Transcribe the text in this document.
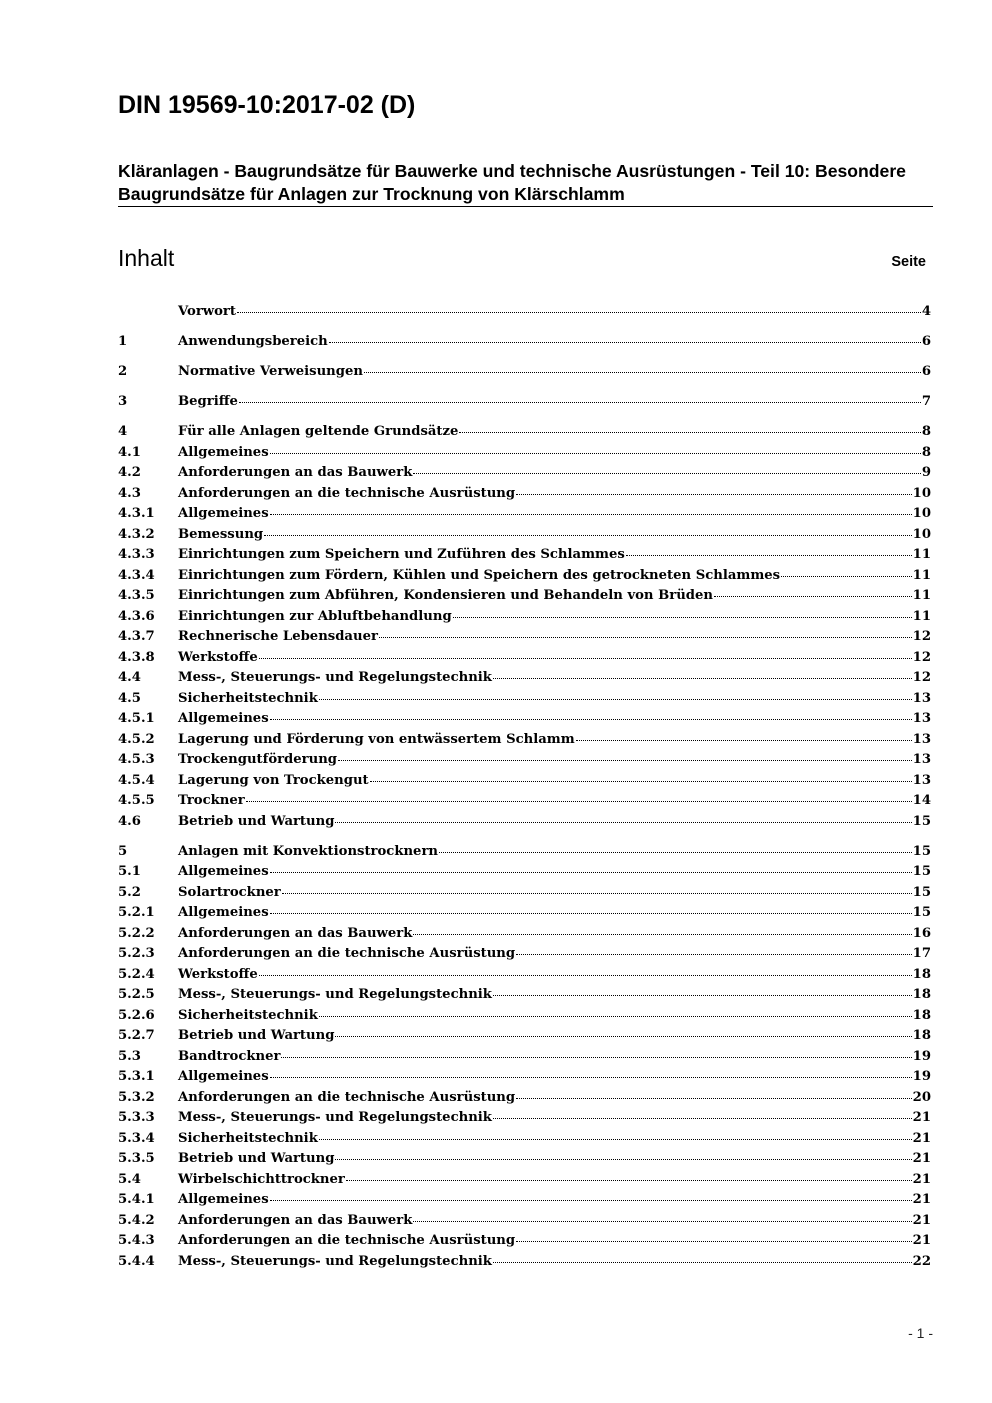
DIN 19569-10:2017-02 (D)
Kläranlagen - Baugrundsätze für Bauwerke und technische Ausrüstungen - Teil 10: Besondere Baugrundsätze für Anlagen zur Trocknung von Klärschlamm
Inhalt	Seite
Vorwort	4
1	Anwendungsbereich	6
2	Normative Verweisungen	6
3	Begriffe	7
4	Für alle Anlagen geltende Grundsätze	8
4.1	Allgemeines	8
4.2	Anforderungen an das Bauwerk	9
4.3	Anforderungen an die technische Ausrüstung	10
4.3.1	Allgemeines	10
4.3.2	Bemessung	10
4.3.3	Einrichtungen zum Speichern und Zuführen des Schlammes	11
4.3.4	Einrichtungen zum Fördern, Kühlen und Speichern des getrockneten Schlammes	11
4.3.5	Einrichtungen zum Abführen, Kondensieren und Behandeln von Brüden	11
4.3.6	Einrichtungen zur Abluftbehandlung	11
4.3.7	Rechnerische Lebensdauer	12
4.3.8	Werkstoffe	12
4.4	Mess-, Steuerungs- und Regelungstechnik	12
4.5	Sicherheitstechnik	13
4.5.1	Allgemeines	13
4.5.2	Lagerung und Förderung von entwässertem Schlamm	13
4.5.3	Trockengutförderung	13
4.5.4	Lagerung von Trockengut	13
4.5.5	Trockner	14
4.6	Betrieb und Wartung	15
5	Anlagen mit Konvektionstrocknern	15
5.1	Allgemeines	15
5.2	Solartrockner	15
5.2.1	Allgemeines	15
5.2.2	Anforderungen an das Bauwerk	16
5.2.3	Anforderungen an die technische Ausrüstung	17
5.2.4	Werkstoffe	18
5.2.5	Mess-, Steuerungs- und Regelungstechnik	18
5.2.6	Sicherheitstechnik	18
5.2.7	Betrieb und Wartung	18
5.3	Bandtrockner	19
5.3.1	Allgemeines	19
5.3.2	Anforderungen an die technische Ausrüstung	20
5.3.3	Mess-, Steuerungs- und Regelungstechnik	21
5.3.4	Sicherheitstechnik	21
5.3.5	Betrieb und Wartung	21
5.4	Wirbelschichttrockner	21
5.4.1	Allgemeines	21
5.4.2	Anforderungen an das Bauwerk	21
5.4.3	Anforderungen an die technische Ausrüstung	21
5.4.4	Mess-, Steuerungs- und Regelungstechnik	22
- 1 -
